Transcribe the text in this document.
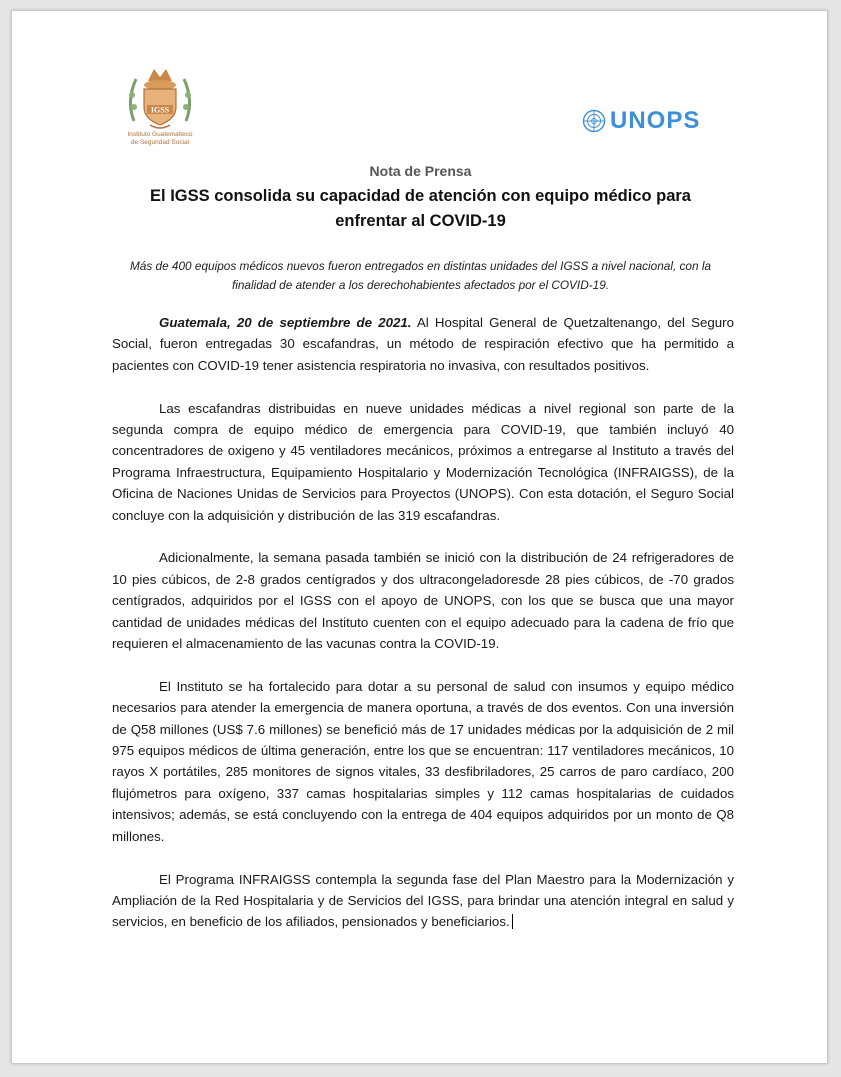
IGSS
Instituto Guatemalteco
de Seguridad Social
UNOPS
Nota de Prensa
El IGSS consolida su capacidad de atención con equipo médico para enfrentar al COVID-19
Más de 400 equipos médicos nuevos fueron entregados en distintas unidades del IGSS a nivel nacional, con la finalidad de atender a los derechohabientes afectados por el COVID-19.

Guatemala, 20 de septiembre de 2021. Al Hospital General de Quetzaltenango, del Seguro Social, fueron entregadas 30 escafandras, un método de respiración efectivo que ha permitido a pacientes con COVID-19 tener asistencia respiratoria no invasiva, con resultados positivos.

Las escafandras distribuidas en nueve unidades médicas a nivel regional son parte de la segunda compra de equipo médico de emergencia para COVID-19, que también incluyó 40 concentradores de oxigeno y 45 ventiladores mecánicos, próximos a entregarse al Instituto a través del Programa Infraestructura, Equipamiento Hospitalario y Modernización Tecnológica (INFRAIGSS), de la Oficina de Naciones Unidas de Servicios para Proyectos (UNOPS). Con esta dotación, el Seguro Social concluye con la adquisición y distribución de las 319 escafandras.

Adicionalmente, la semana pasada también se inició con la distribución de 24 refrigeradores de 10 pies cúbicos, de 2-8 grados centígrados y dos ultracongeladoresde 28 pies cúbicos, de -70 grados centígrados, adquiridos por el IGSS con el apoyo de UNOPS, con los que se busca que una mayor cantidad de unidades médicas del Instituto cuenten con el equipo adecuado para la cadena de frío que requieren el almacenamiento de las vacunas contra la COVID-19.

El Instituto se ha fortalecido para dotar a su personal de salud con insumos y equipo médico necesarios para atender la emergencia de manera oportuna, a través de dos eventos. Con una inversión de Q58 millones (US$ 7.6 millones) se benefició más de 17 unidades médicas por la adquisición de 2 mil 975 equipos médicos de última generación, entre los que se encuentran: 117 ventiladores mecánicos, 10 rayos X portátiles, 285 monitores de signos vitales, 33 desfibriladores, 25 carros de paro cardíaco, 200 flujómetros para oxígeno, 337 camas hospitalarias simples y 112 camas hospitalarias de cuidados intensivos; además, se está concluyendo con la entrega de 404 equipos adquiridos por un monto de Q8 millones.

El Programa INFRAIGSS contempla la segunda fase del Plan Maestro para la Modernización y Ampliación de la Red Hospitalaria y de Servicios del IGSS, para brindar una atención integral en salud y servicios, en beneficio de los afiliados, pensionados y beneficiarios.
